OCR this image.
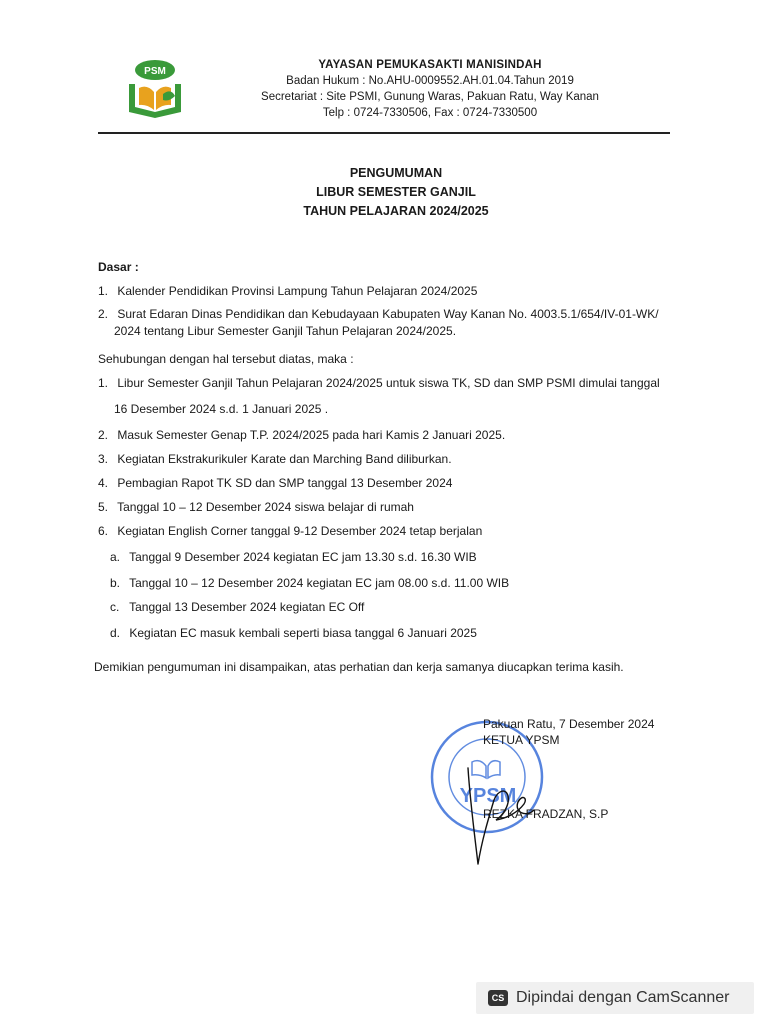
PSM
YAYASAN PEMUKASAKTI MANISINDAH
Badan Hukum : No.AHU-0009552.AH.01.04.Tahun 2019
Secretariat : Site PSMI, Gunung Waras, Pakuan Ratu, Way Kanan
Telp : 0724-7330506, Fax : 0724-7330500
PENGUMUMAN
LIBUR SEMESTER GANJIL
TAHUN PELAJARAN 2024/2025
Dasar :
1. Kalender Pendidikan Provinsi Lampung Tahun Pelajaran 2024/2025
2. Surat Edaran Dinas Pendidikan dan Kebudayaan Kabupaten Way Kanan No. 4003.5.1/654/IV-01-WK/
2024 tentang Libur Semester Ganjil Tahun Pelajaran 2024/2025.
Sehubungan dengan hal tersebut diatas, maka :
1. Libur Semester Ganjil Tahun Pelajaran 2024/2025 untuk siswa TK, SD dan SMP PSMI dimulai tanggal
16 Desember 2024 s.d. 1 Januari 2025 .
2. Masuk Semester Genap T.P. 2024/2025 pada hari Kamis 2 Januari 2025.
3. Kegiatan Ekstrakurikuler Karate dan Marching Band diliburkan.
4. Pembagian Rapot TK SD dan SMP tanggal 13 Desember 2024
5. Tanggal 10 – 12 Desember 2024 siswa belajar di rumah
6. Kegiatan English Corner tanggal 9-12 Desember 2024 tetap berjalan
a. Tanggal 9 Desember 2024 kegiatan EC jam 13.30 s.d. 16.30 WIB
b. Tanggal 10 – 12 Desember 2024 kegiatan EC jam 08.00 s.d. 11.00 WIB
c. Tanggal 13 Desember 2024 kegiatan EC Off
d. Kegiatan EC masuk kembali seperti biasa tanggal 6 Januari 2025
Demikian pengumuman ini disampaikan, atas perhatian dan kerja samanya diucapkan terima kasih.
YPSM
Pakuan Ratu, 7 Desember 2024
KETUA YPSM
REZKA FRADZAN, S.P
CS Dipindai dengan CamScanner
